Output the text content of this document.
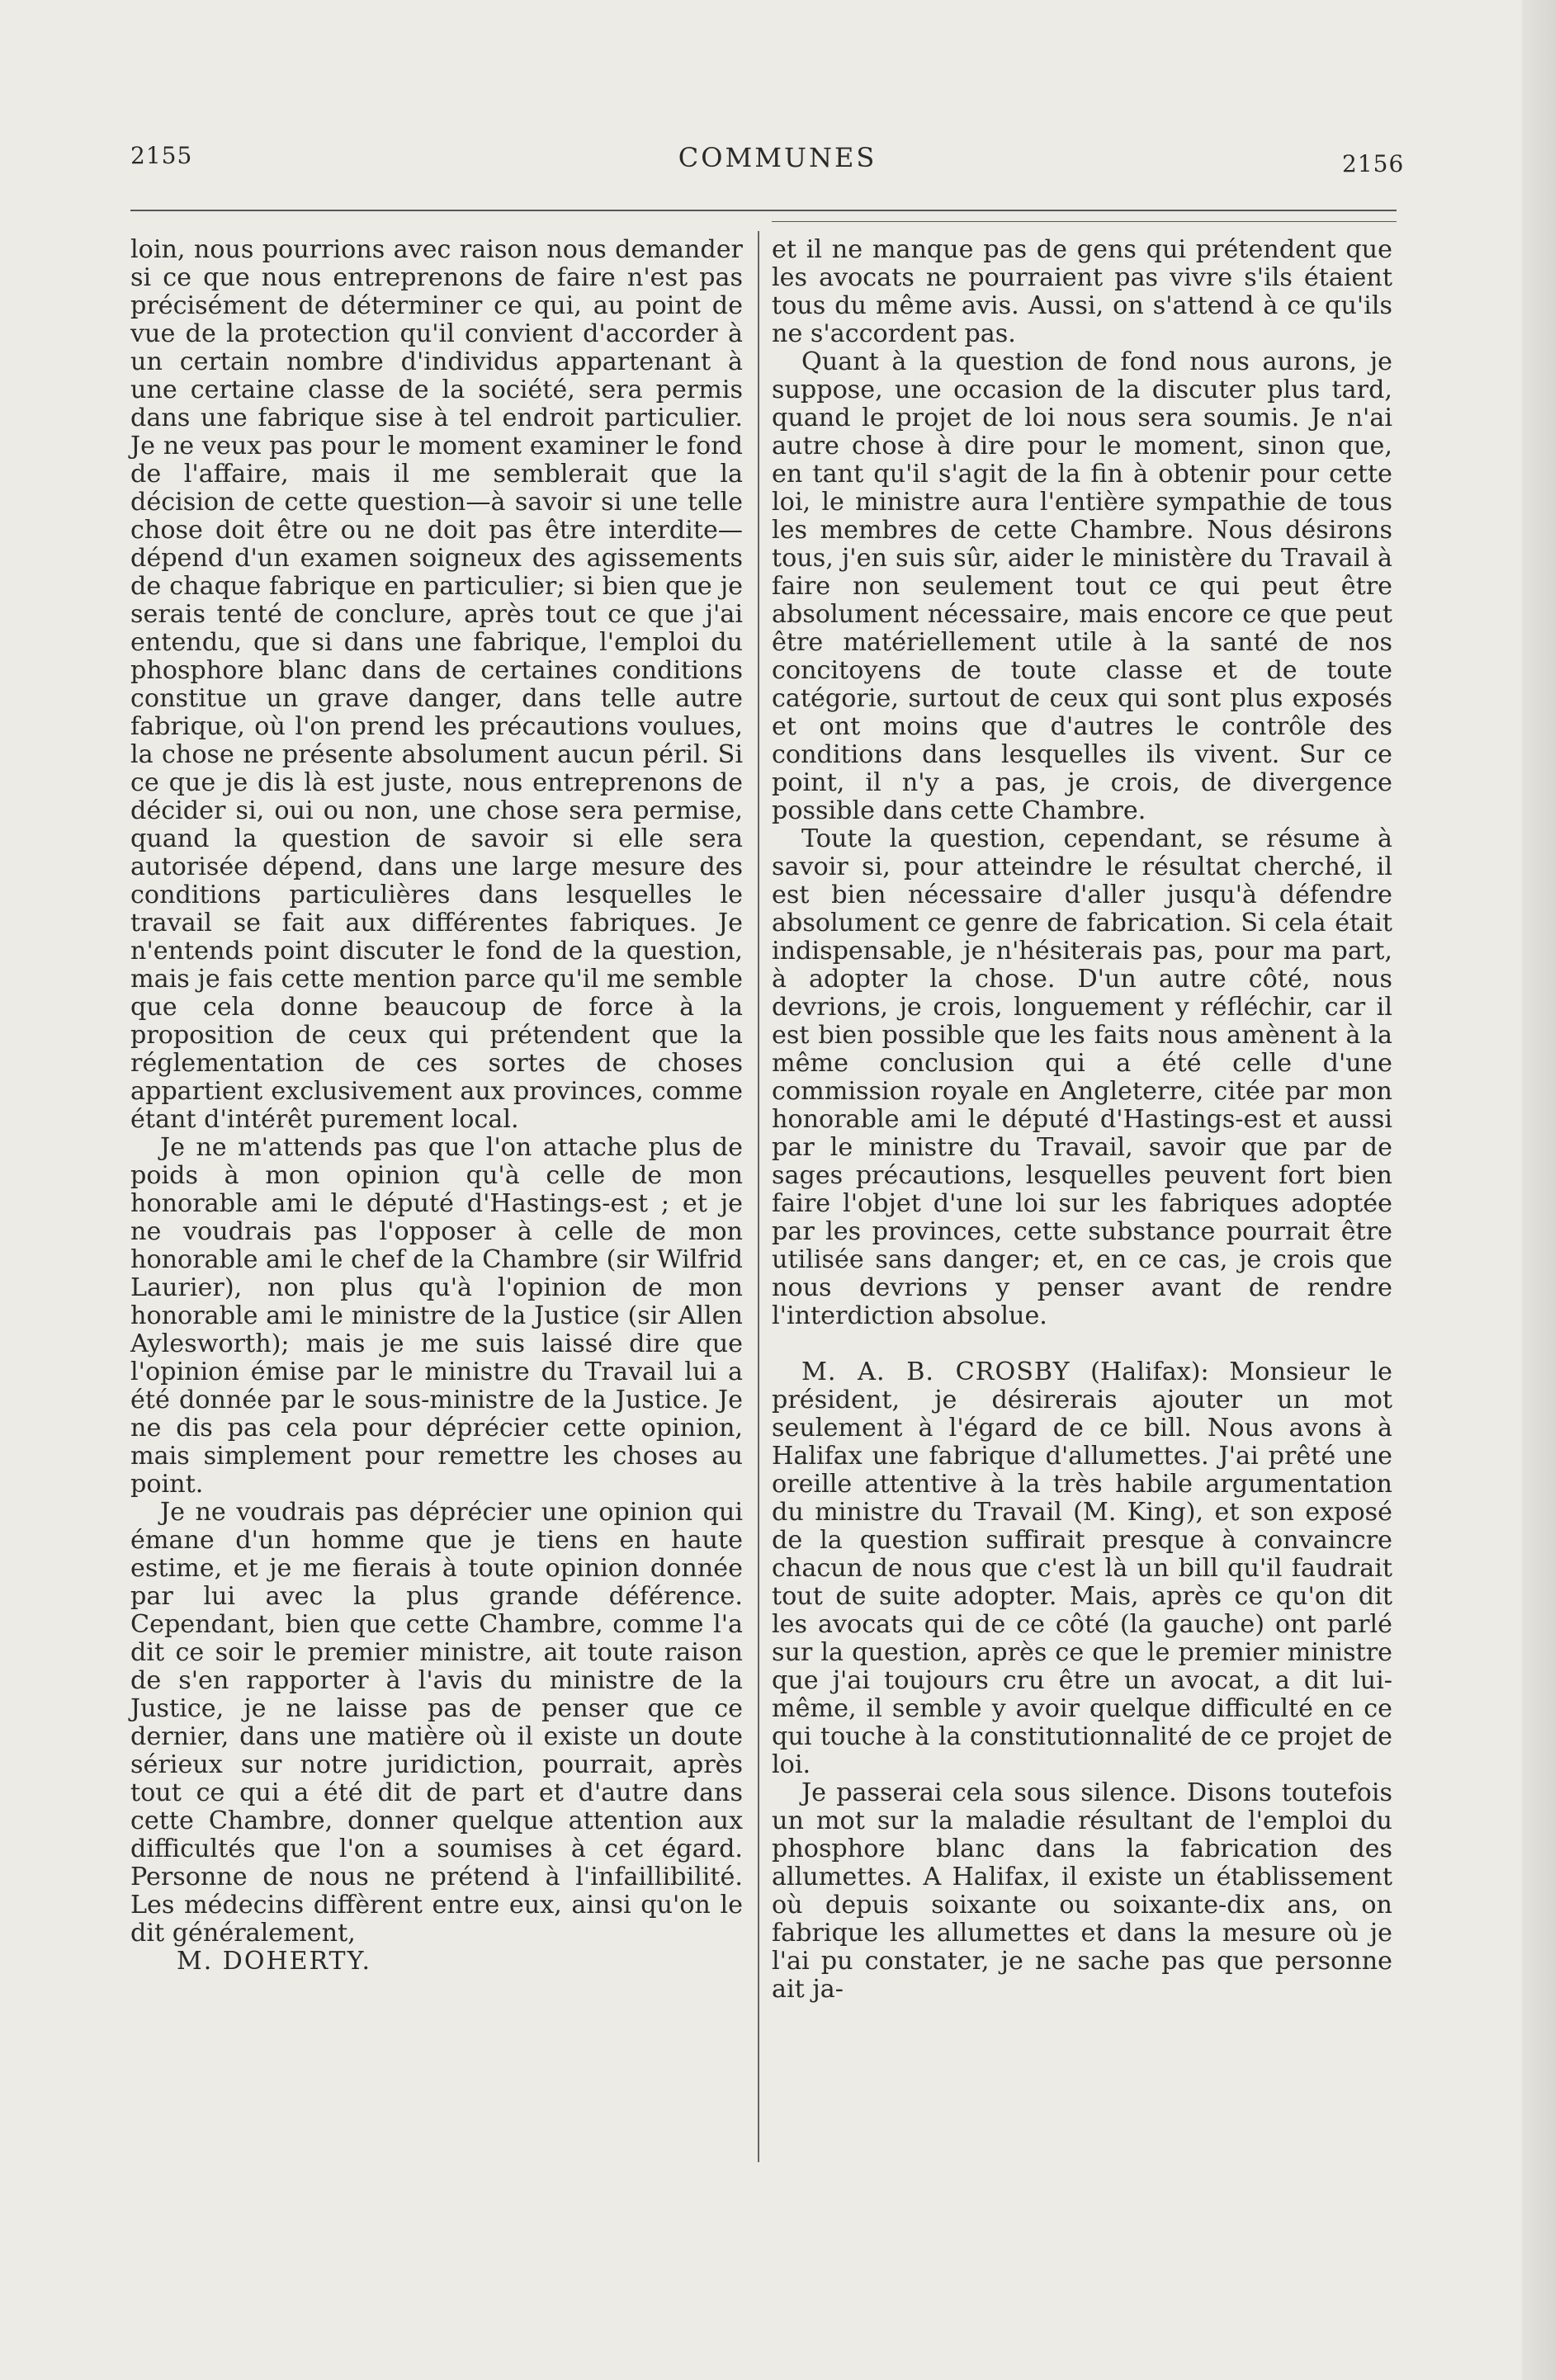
COMMUNES
2155	2156

loin, nous pourrions avec raison nous demander si ce que nous entreprenons de faire n'est pas précisément de déterminer ce qui, au point de vue de la protection qu'il convient d'accorder à un certain nombre d'individus appartenant à une certaine classe de la société, sera permis dans une fabrique sise à tel endroit particulier. Je ne veux pas pour le moment examiner le fond de l'affaire, mais il me semblerait que la décision de cette question—à savoir si une telle chose doit être ou ne doit pas être interdite—dépend d'un examen soigneux des agissements de chaque fabrique en particulier; si bien que je serais tenté de conclure, après tout ce que j'ai entendu, que si dans une fabrique, l'emploi du phosphore blanc dans de certaines conditions constitue un grave danger, dans telle autre fabrique, où l'on prend les précautions voulues, la chose ne présente absolument aucun péril. Si ce que je dis là est juste, nous entreprenons de décider si, oui ou non, une chose sera permise, quand la question de savoir si elle sera autorisée dépend, dans une large mesure des conditions particulières dans lesquelles le travail se fait aux différentes fabriques. Je n'entends point discuter le fond de la question, mais je fais cette mention parce qu'il me semble que cela donne beaucoup de force à la proposition de ceux qui prétendent que la réglementation de ces sortes de choses appartient exclusivement aux provinces, comme étant d'intérêt purement local.

Je ne m'attends pas que l'on attache plus de poids à mon opinion qu'à celle de mon honorable ami le député d'Hastings-est ; et je ne voudrais pas l'opposer à celle de mon honorable ami le chef de la Chambre (sir Wilfrid Laurier), non plus qu'à l'opinion de mon honorable ami le ministre de la Justice (sir Allen Aylesworth); mais je me suis laissé dire que l'opinion émise par le ministre du Travail lui a été donnée par le sous-ministre de la Justice. Je ne dis pas cela pour déprécier cette opinion, mais simplement pour remettre les choses au point.

Je ne voudrais pas déprécier une opinion qui émane d'un homme que je tiens en haute estime, et je me fierais à toute opinion donnée par lui avec la plus grande déférence. Cependant, bien que cette Chambre, comme l'a dit ce soir le premier ministre, ait toute raison de s'en rapporter à l'avis du ministre de la Justice, je ne laisse pas de penser que ce dernier, dans une matière où il existe un doute sérieux sur notre juridiction, pourrait, après tout ce qui a été dit de part et d'autre dans cette Chambre, donner quelque attention aux difficultés que l'on a soumises à cet égard. Personne de nous ne prétend à l'infaillibilité. Les médecins diffèrent entre eux, ainsi qu'on le dit généralement,

M. DOHERTY.

et il ne manque pas de gens qui prétendent que les avocats ne pourraient pas vivre s'ils étaient tous du même avis. Aussi, on s'attend à ce qu'ils ne s'accordent pas.

Quant à la question de fond nous aurons, je suppose, une occasion de la discuter plus tard, quand le projet de loi nous sera soumis. Je n'ai autre chose à dire pour le moment, sinon que, en tant qu'il s'agit de la fin à obtenir pour cette loi, le ministre aura l'entière sympathie de tous les membres de cette Chambre. Nous désirons tous, j'en suis sûr, aider le ministère du Travail à faire non seulement tout ce qui peut être absolument nécessaire, mais encore ce que peut être matériellement utile à la santé de nos concitoyens de toute classe et de toute catégorie, surtout de ceux qui sont plus exposés et ont moins que d'autres le contrôle des conditions dans lesquelles ils vivent. Sur ce point, il n'y a pas, je crois, de divergence possible dans cette Chambre.

Toute la question, cependant, se résume à savoir si, pour atteindre le résultat cherché, il est bien nécessaire d'aller jusqu'à défendre absolument ce genre de fabrication. Si cela était indispensable, je n'hésiterais pas, pour ma part, à adopter la chose. D'un autre côté, nous devrions, je crois, longuement y réfléchir, car il est bien possible que les faits nous amènent à la même conclusion qui a été celle d'une commission royale en Angleterre, citée par mon honorable ami le député d'Hastings-est et aussi par le ministre du Travail, savoir que par de sages précautions, lesquelles peuvent fort bien faire l'objet d'une loi sur les fabriques adoptée par les provinces, cette substance pourrait être utilisée sans danger; et, en ce cas, je crois que nous devrions y penser avant de rendre l'interdiction absolue.

M. A. B. CROSBY (Halifax): Monsieur le président, je désirerais ajouter un mot seulement à l'égard de ce bill. Nous avons à Halifax une fabrique d'allumettes. J'ai prêté une oreille attentive à la très habile argumentation du ministre du Travail (M. King), et son exposé de la question suffirait presque à convaincre chacun de nous que c'est là un bill qu'il faudrait tout de suite adopter. Mais, après ce qu'on dit les avocats qui de ce côté (la gauche) ont parlé sur la question, après ce que le premier ministre que j'ai toujours cru être un avocat, a dit lui-même, il semble y avoir quelque difficulté en ce qui touche à la constitutionnalité de ce projet de loi.

Je passerai cela sous silence. Disons toutefois un mot sur la maladie résultant de l'emploi du phosphore blanc dans la fabrication des allumettes. A Halifax, il existe un établissement où depuis soixante ou soixante-dix ans, on fabrique les allumettes et dans la mesure où je l'ai pu constater, je ne sache pas que personne ait ja-
